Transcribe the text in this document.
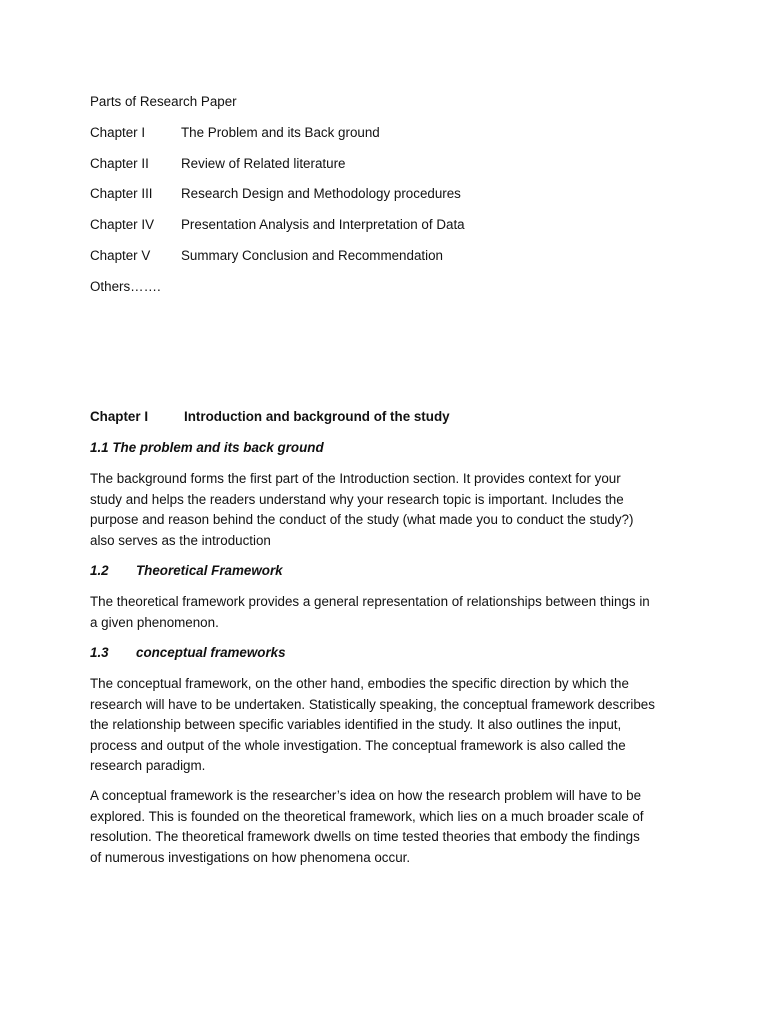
Parts of Research Paper
Chapter I	The Problem and its Back ground
Chapter II Review of Related literature
Chapter III Research Design and Methodology procedures
Chapter IV Presentation Analysis and Interpretation of Data
Chapter V Summary Conclusion and Recommendation
Others…….
Chapter I	Introduction and background of the study
1.1 The problem and its back ground
The background forms the first part of the Introduction section. It provides context for your
study and helps the readers understand why your research topic is important. Includes the
purpose and reason behind the conduct of the study (what made you to conduct the study?)
also serves as the introduction
1.2 Theoretical Framework
The theoretical framework provides a general representation of relationships between things in
a given phenomenon.
1.3 conceptual frameworks
The conceptual framework, on the other hand, embodies the specific direction by which the
research will have to be undertaken. Statistically speaking, the conceptual framework describes
the relationship between specific variables identified in the study. It also outlines the input,
process and output of the whole investigation. The conceptual framework is also called the
research paradigm.
A conceptual framework is the researcher’s idea on how the research problem will have to be
explored. This is founded on the theoretical framework, which lies on a much broader scale of
resolution. The theoretical framework dwells on time tested theories that embody the findings
of numerous investigations on how phenomena occur.
